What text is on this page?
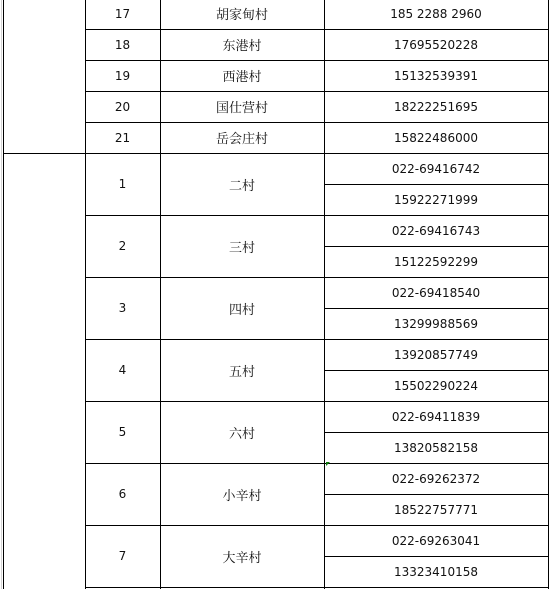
17	胡家甸村	185 2288 2960
18	东港村	17695520228
19	西港村	15132539391
20	国仕营村	18222251695
21	岳会庄村	15822486000
1	二村
022-69416742
15922271999
2	三村
022-69416743
15122592299
3	四村
022-69418540
13299988569
4	五村
13920857749
15502290224
5	六村
022-69411839
13820582158
6	小辛村
022-69262372
18522757771
7	大辛村
022-69263041
13323410158
